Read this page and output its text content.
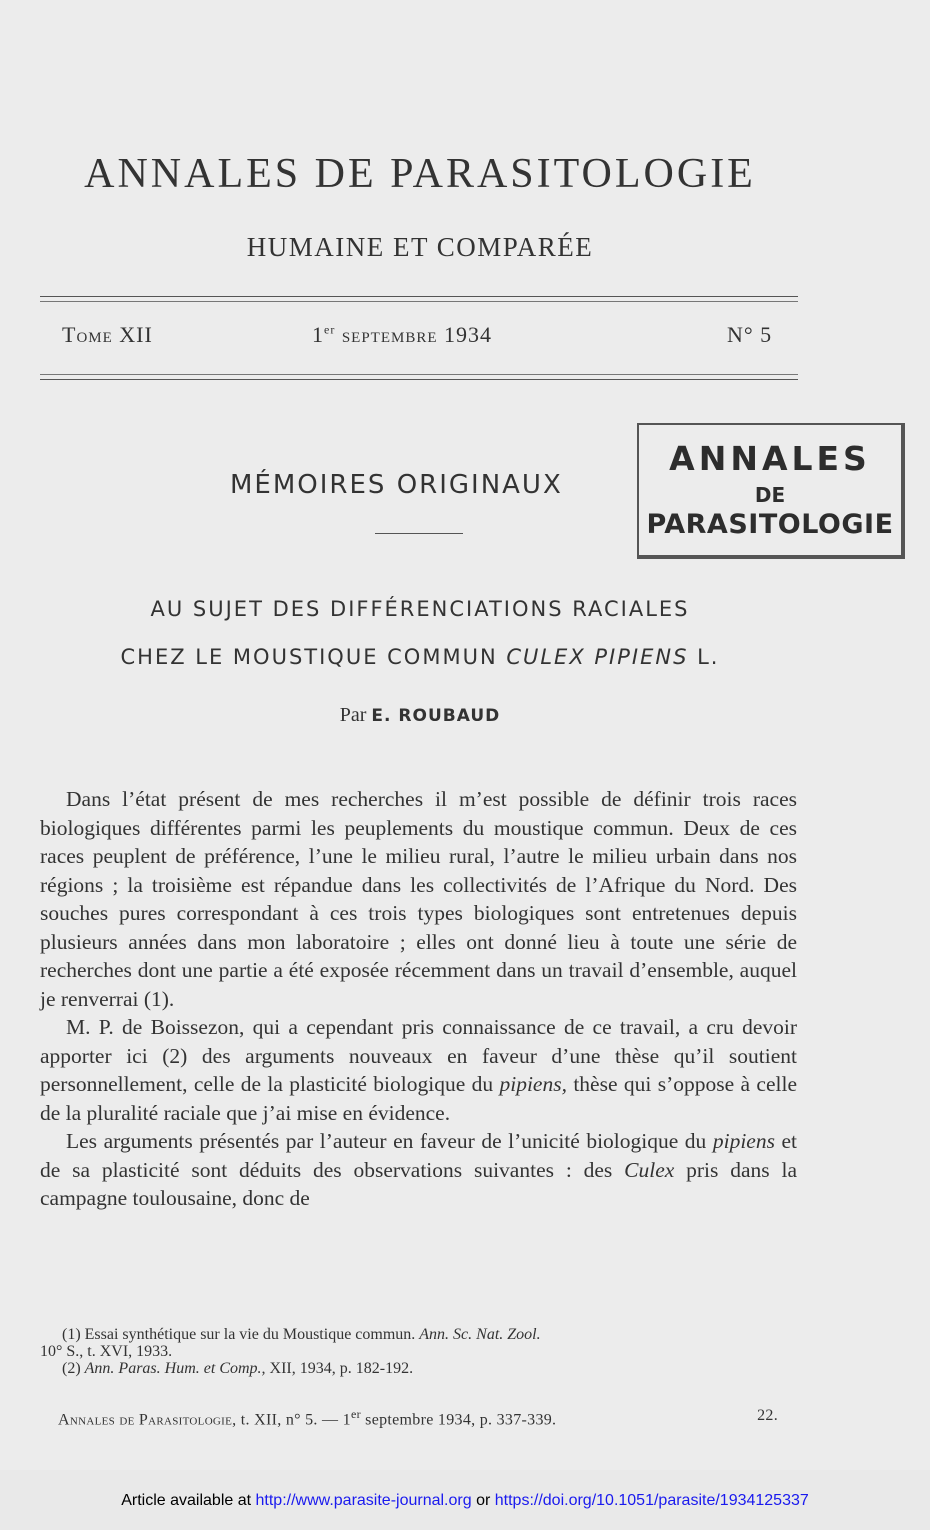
ANNALES DE PARASITOLOGIE
HUMAINE ET COMPARÉE
Tome XII	1er septembre 1934	N° 5
ANNALES
DE
PARASITOLOGIE
MÉMOIRES ORIGINAUX
AU SUJET DES DIFFÉRENCIATIONS RACIALES
CHEZ LE MOUSTIQUE COMMUN CULEX PIPIENS L.
Par E. ROUBAUD

Dans l’état présent de mes recherches il m’est possible de définir trois races biologiques différentes parmi les peuplements du moustique commun. Deux de ces races peuplent de préférence, l’une le milieu rural, l’autre le milieu urbain dans nos régions ; la troisième est répandue dans les collectivités de l’Afrique du Nord. Des souches pures correspondant à ces trois types biologiques sont entretenues depuis plusieurs années dans mon laboratoire ; elles ont donné lieu à toute une série de recherches dont une partie a été exposée récemment dans un travail d’ensemble, auquel je renverrai (1).

M. P. de Boissezon, qui a cependant pris connaissance de ce travail, a cru devoir apporter ici (2) des arguments nouveaux en faveur d’une thèse qu’il soutient personnellement, celle de la plasticité biologique du pipiens, thèse qui s’oppose à celle de la pluralité raciale que j’ai mise en évidence.

Les arguments présentés par l’auteur en faveur de l’unicité biologique du pipiens et de sa plasticité sont déduits des observations suivantes : des Culex pris dans la campagne toulousaine, donc de

(1) Essai synthétique sur la vie du Moustique commun. Ann. Sc. Nat. Zool.
10° S., t. XVI, 1933.
(2) Ann. Paras. Hum. et Comp., XII, 1934, p. 182-192.
Annales de Parasitologie, t. XII, n° 5. — 1er septembre 1934, p. 337-339.	22.
Article available at http://www.parasite-journal.org or https://doi.org/10.1051/parasite/1934125337
